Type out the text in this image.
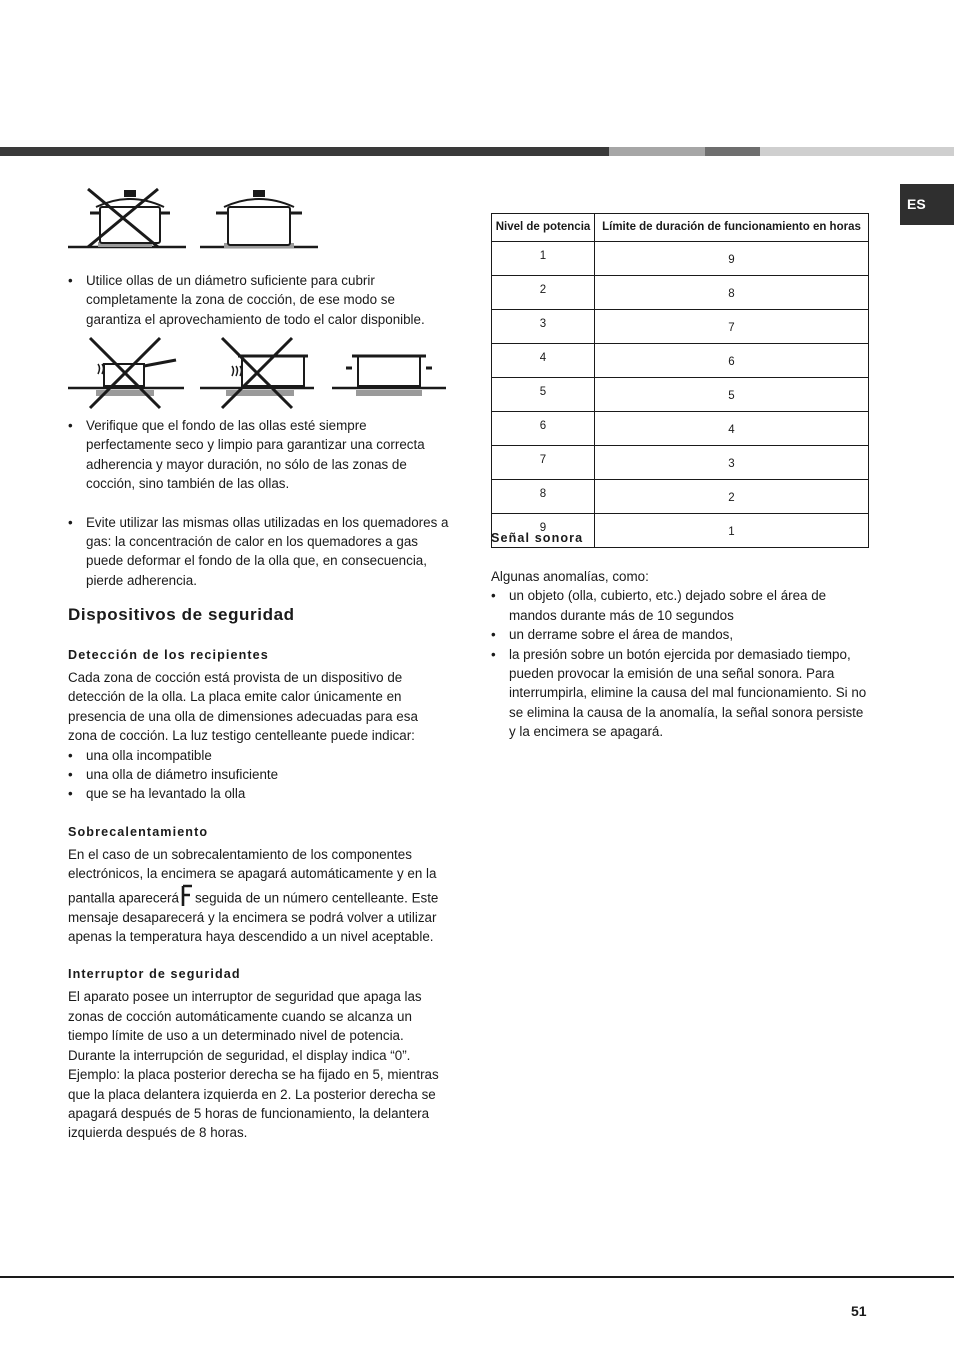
ES
• Utilice ollas de un diámetro suficiente para cubrir completamente la zona de cocción, de ese modo se garantiza el aprovechamiento de todo el calor disponible.
• Verifique que el fondo de las ollas esté siempre perfectamente seco y limpio para garantizar una correcta adherencia y mayor duración, no sólo de las zonas de cocción, sino también de las ollas.
• Evite utilizar las mismas ollas utilizadas en los quemadores a gas: la concentración de calor en los quemadores a gas puede deformar el fondo de la olla que, en consecuencia, pierde adherencia.
Dispositivos de seguridad
Detección de los recipientes

Cada zona de cocción está provista de un dispositivo de detección de la olla. La placa emite calor únicamente en presencia de una olla de dimensiones adecuadas para esa zona de cocción. La luz testigo centelleante puede indicar:

• una olla incompatible
• una olla de diámetro insuficiente
• que se ha levantado la olla
Sobrecalentamiento

En el caso de un sobrecalentamiento de los componentes electrónicos, la encimera se apagará automáticamente y en la pantalla aparecerá seguida de un número centelleante. Este mensaje desaparecerá y la encimera se podrá volver a utilizar apenas la temperatura haya descendido a un nivel aceptable.

Interruptor de seguridad

El aparato posee un interruptor de seguridad que apaga las zonas de cocción automáticamente cuando se alcanza un tiempo límite de uso a un determinado nivel de potencia. Durante la interrupción de seguridad, el display indica “0”.

Ejemplo: la placa posterior derecha se ha fijado en 5, mientras que la placa delantera izquierda en 2. La posterior derecha se apagará después de 5 horas de funcionamiento, la delantera izquierda después de 8 horas.

Nivel de potencia	Límite de duración de funcionamiento en horas
1	9
2	8
3	7
4	6
5	5
6	4
7	3
8	2
9	1
Señal sonora

Algunas anomalías, como:

• un objeto (olla, cubierto, etc.) dejado sobre el área de mandos durante más de 10 segundos
• un derrame sobre el área de mandos,
• la presión sobre un botón ejercida por demasiado tiempo, pueden provocar la emisión de una señal sonora. Para interrumpirla, elimine la causa del mal funcionamiento. Si no se elimina la causa de la anomalía, la señal sonora persiste y la encimera se apagará.
51
